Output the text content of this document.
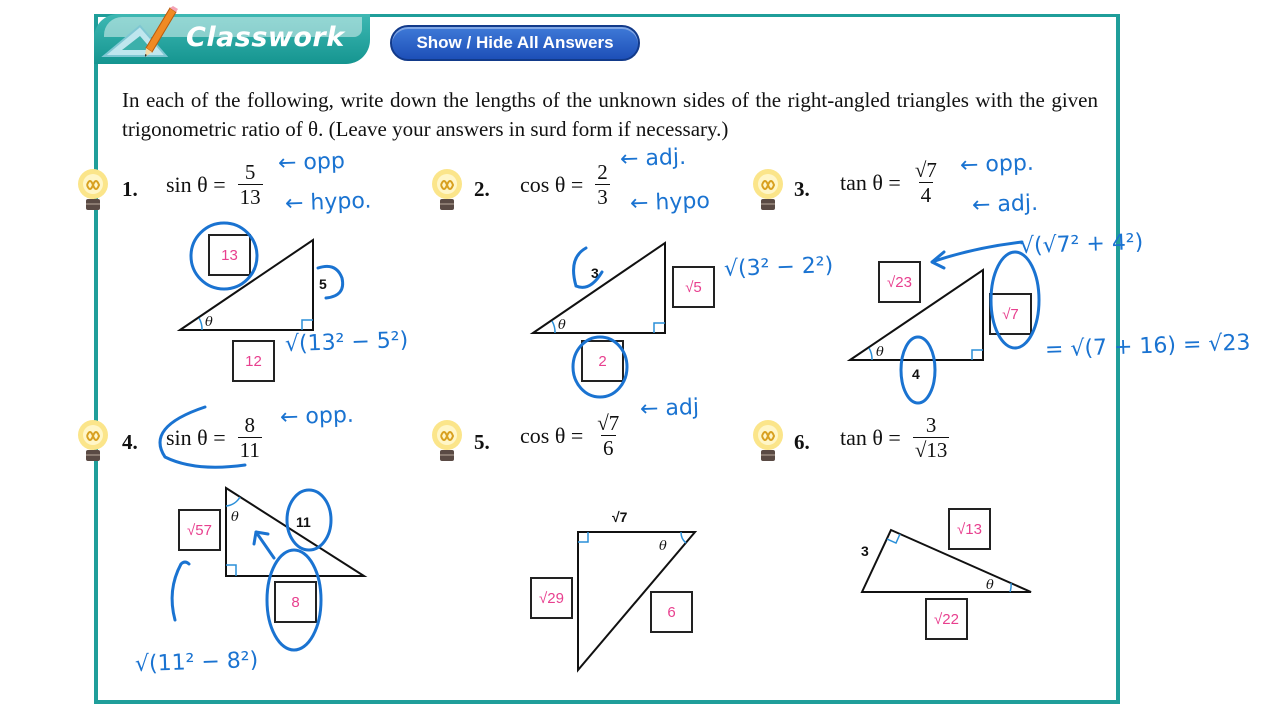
Classwork	Show / Hide All Answers
In each of the following, write down the lengths of the unknown sides of the right-angled triangles with the given trigonometric ratio of θ. (Leave your answers in surd form if necessary.)
1.	2.	3.
4.	5.	6.
$\sin \theta = \frac{5}{13}$	$\cos \theta = \frac{2}{3}$	$\tan \theta = \frac{√7}{4}$
$\sin \theta = \frac{8}{11}$	$\cos \theta = \frac{√7}{6}$	$\tan \theta = \frac{3}{√13}$
θ	θ
θ
θ
θ
θ
5
3
4
11	√7
3
13
12
√5
2
√23
√7
√57
8	√29
6
√13
√22
← opp
← hypo.
√(13² − 5²)
← adj.
← hypo
√(3² − 2²)
← opp.
← adj.
√(√7² + 4²)
= √(7 + 16) = √23
← opp.
√(11² − 8²)
← adj
